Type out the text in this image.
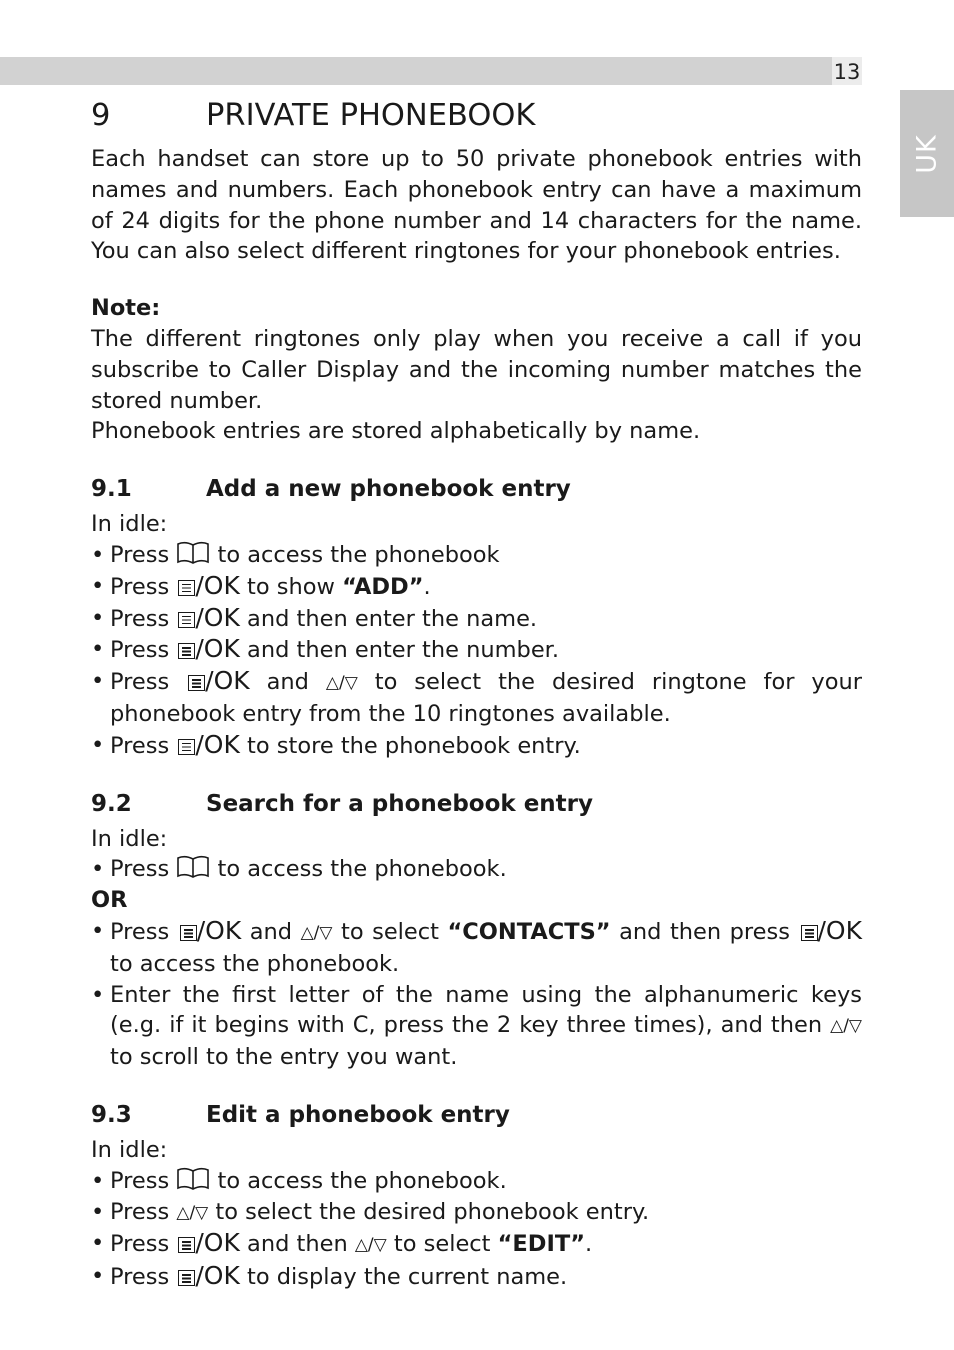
13
UK
9	PRIVATE PHONEBOOK

Each handset can store up to 50 private phonebook entries with names and numbers. Each phonebook entry can have a maximum of 24 digits for the phone number and 14 characters for the name. You can also select different ringtones for your phonebook entries.

Note:

The different ringtones only play when you receive a call if you subscribe to Caller Display and the incoming number matches the stored number.

Phonebook entries are stored alphabetically by name.

9.1	Add a new phonebook entry

In idle:

• Press to access the phonebook
• Press /OK to show “ADD”.
• Press /OK and then enter the name.
• Press /OK and then enter the number.
• Press /OK and △/▽ to select the desired ringtone for your phonebook entry from the 10 ringtones available.
• Press /OK to store the phonebook entry.
9.2	Search for a phonebook entry

In idle:

• Press to access the phonebook.

OR

• Press /OK and △/▽ to select “CONTACTS” and then press /OK to access the phonebook.
• Enter the first letter of the name using the alphanumeric keys (e.g. if it begins with C, press the 2 key three times), and then △/▽ to scroll to the entry you want.
9.3	Edit a phonebook entry

In idle:

• Press to access the phonebook.
• Press △/▽ to select the desired phonebook entry.
• Press /OK and then △/▽ to select “EDIT”.
• Press /OK to display the current name.
